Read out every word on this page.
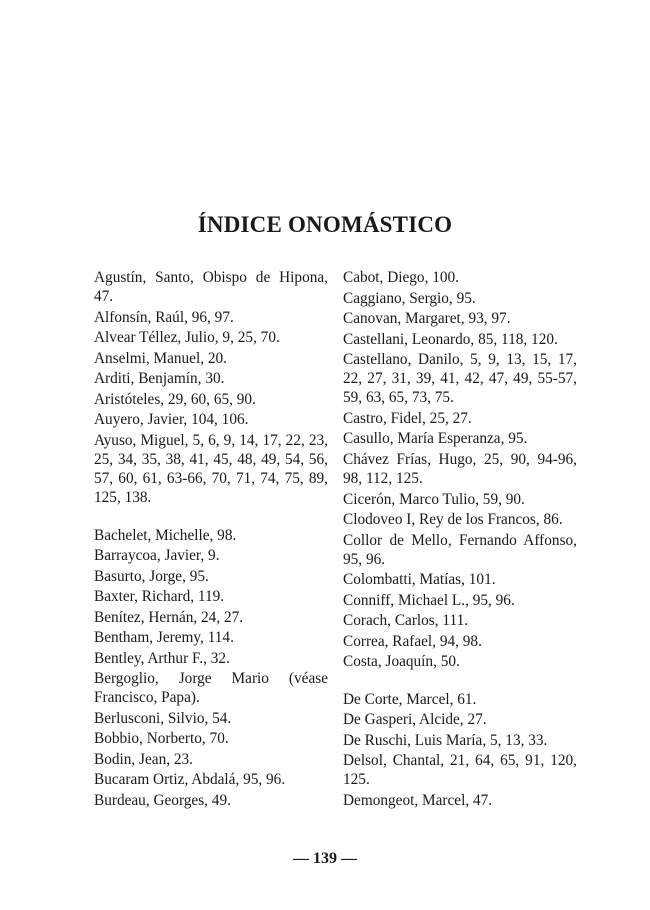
ÍNDICE ONOMÁSTICO

Agustín, Santo, Obispo de Hipona, 47.

Alfonsín, Raúl, 96, 97.

Alvear Téllez, Julio, 9, 25, 70.

Anselmi, Manuel, 20.

Arditi, Benjamín, 30.

Aristóteles, 29, 60, 65, 90.

Auyero, Javier, 104, 106.

Ayuso, Miguel, 5, 6, 9, 14, 17, 22, 23, 25, 34, 35, 38, 41, 45, 48, 49, 54, 56, 57, 60, 61, 63-66, 70, 71, 74, 75, 89, 125, 138.

Bachelet, Michelle, 98.

Barraycoa, Javier, 9.

Basurto, Jorge, 95.

Baxter, Richard, 119.

Benítez, Hernán, 24, 27.

Bentham, Jeremy, 114.

Bentley, Arthur F., 32.

Bergoglio, Jorge Mario (véase Francisco, Papa).

Berlusconi, Silvio, 54.

Bobbio, Norberto, 70.

Bodin, Jean, 23.

Bucaram Ortiz, Abdalá, 95, 96.

Burdeau, Georges, 49.

Cabot, Diego, 100.

Caggiano, Sergio, 95.

Canovan, Margaret, 93, 97.

Castellani, Leonardo, 85, 118, 120.

Castellano, Danilo, 5, 9, 13, 15, 17, 22, 27, 31, 39, 41, 42, 47, 49, 55-57, 59, 63, 65, 73, 75.

Castro, Fidel, 25, 27.

Casullo, María Esperanza, 95.

Chávez Frías, Hugo, 25, 90, 94-96, 98, 112, 125.

Cicerón, Marco Tulio, 59, 90.

Clodoveo I, Rey de los Francos, 86.

Collor de Mello, Fernando Affonso, 95, 96.

Colombatti, Matías, 101.

Conniff, Michael L., 95, 96.

Corach, Carlos, 111.

Correa, Rafael, 94, 98.

Costa, Joaquín, 50.

De Corte, Marcel, 61.

De Gasperi, Alcide, 27.

De Ruschi, Luis María, 5, 13, 33.

Delsol, Chantal, 21, 64, 65, 91, 120, 125.

Demongeot, Marcel, 47.

— 139 —
